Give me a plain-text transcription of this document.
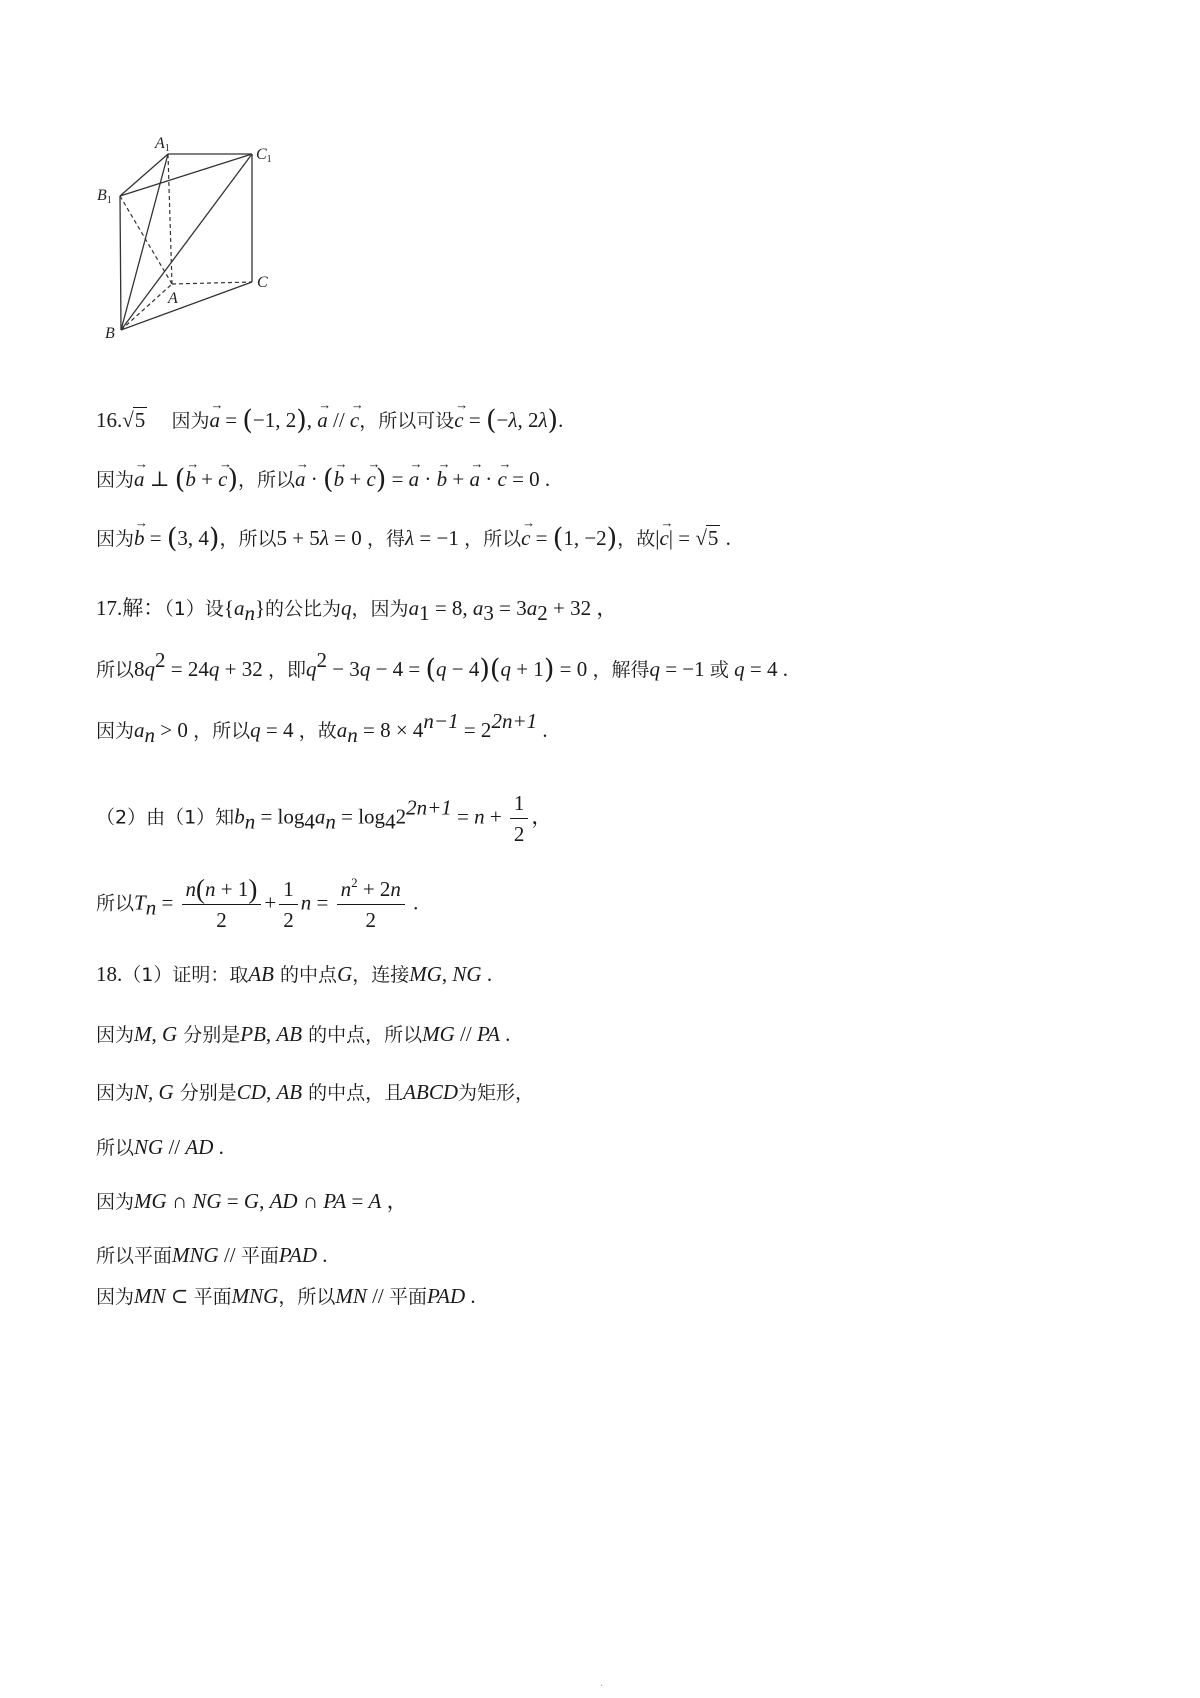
A1	C1
B1
A
C
B
16.√5 因为→ a = (−1, 2), → a // → c，所以可设→ c = (−λ, 2λ).
因为→ a ⊥ (→ b + → c)，所以→ a · (→ b + → c) = → a · → b + → a · → c = 0 .
因为→ b = (3, 4)，所以5 + 5λ = 0 ，得λ = −1 ，所以→ c = (1, −2)，故|→ c| = √5 .
17.解：（1）设$\{a_n\}$的公比为q，因为$a_1 = 8$, $a_3 = 3a_2 + 32$ ，
所以$8q^2 = 24q + 32$ ，即$q^2 - 3q - 4 = (q - 4)(q + 1) = 0$ ，解得q = −1 或 q = 4 .
因为$a_n > 0$ ，所以q = 4 ，故$a_n = 8 \times 4^{n-1} = 2^{2n+1}$ .
（2）由（1）知$b_n = \log_4a_n = \log_42^{2n+1} = n + \frac{1}{2}$ ，
所以$T_n = \frac{n(n + 1)}{2} + \frac{1}{2}$ $n = \frac{n^2 + 2n}{2}$ .
18.（1）证明：取AB 的中点G，连接MG, NG .
因为M, G 分别是PB, AB 的中点，所以MG // PA .
因为N, G 分别是CD, AB 的中点，且ABCD为矩形，
所以NG // AD .
因为MG ∩ NG = G, AD ∩ PA = A ，
所以平面MNG // 平面PAD .
因为MN ⊂ 平面MNG，所以MN // 平面PAD .
.
